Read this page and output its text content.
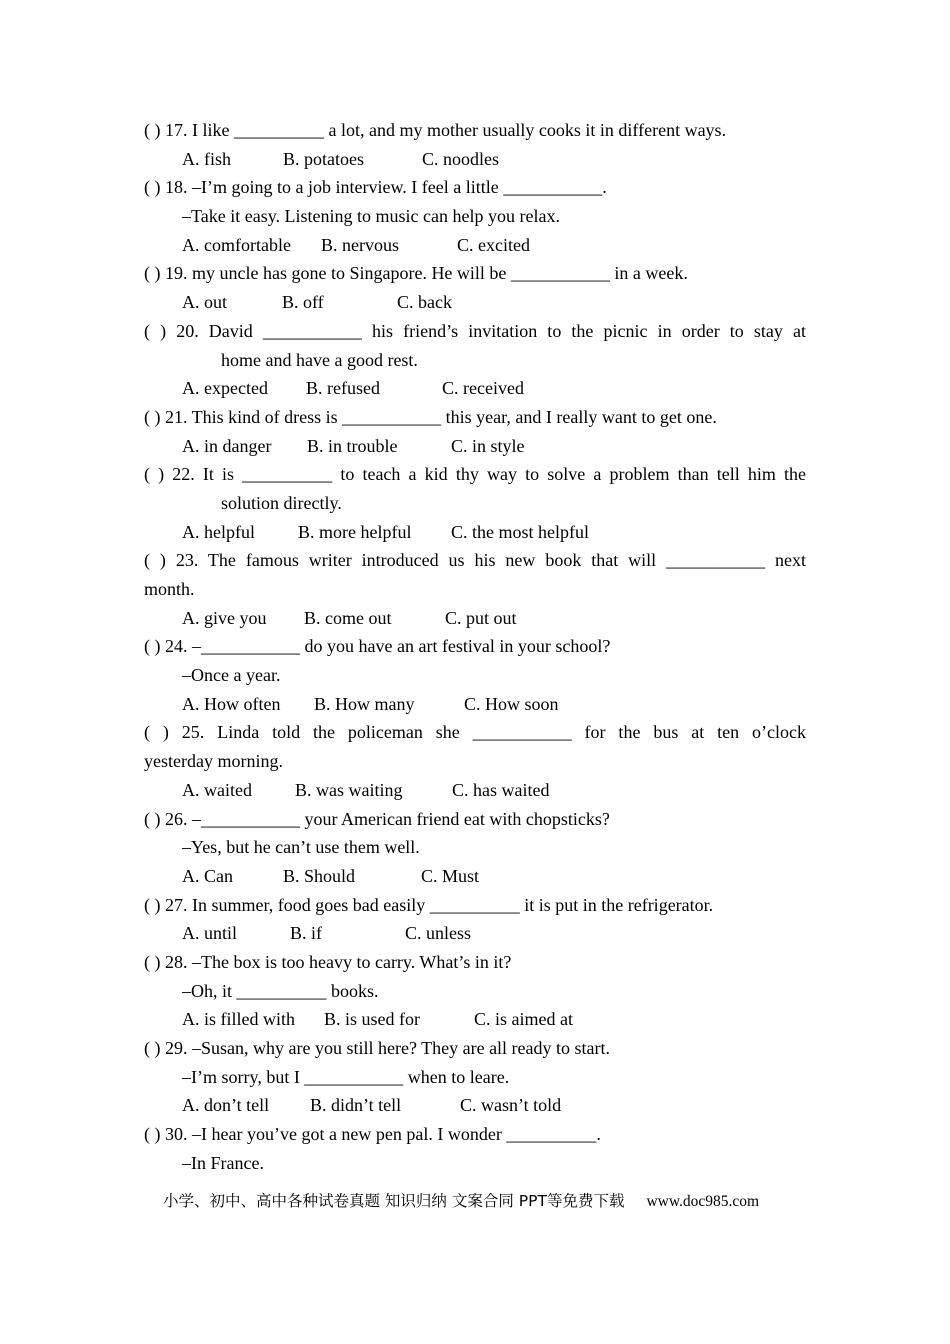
( ) 17. I like __________ a lot, and my mother usually cooks it in different ways.
A. fish	B. potatoes	C. noodles
( ) 18. –I’m going to a job interview. I feel a little ___________.
–Take it easy. Listening to music can help you relax.
A. comfortable B. nervous	C. excited
( ) 19. my uncle has gone to Singapore. He will be ___________ in a week.
A. out	B. off	C. back
( ) 20. David ___________ his friend’s invitation to the picnic in order to stay at
home and have a good rest.
A. expected B. refused	C. received
( ) 21. This kind of dress is ___________ this year, and I really want to get one.
A. in danger B. in trouble	C. in style
( ) 22. It is __________ to teach a kid thy way to solve a problem than tell him the
solution directly.
A. helpful B. more helpful C. the most helpful
( ) 23. The famous writer introduced us his new book that will ___________ next
month.
A. give you B. come out	C. put out
( ) 24. –___________ do you have an art festival in your school?
–Once a year.
A. How often B. How many	C. How soon
( ) 25. Linda told the policeman she ___________ for the bus at ten o’clock
yesterday morning.
A. waited B. was waiting	C. has waited
( ) 26. –___________ your American friend eat with chopsticks?
–Yes, but he can’t use them well.
A. Can	B. Should	C. Must
( ) 27. In summer, food goes bad easily __________ it is put in the refrigerator.
A. until	B. if	C. unless
( ) 28. –The box is too heavy to carry. What’s in it?
–Oh, it __________ books.
A. is filled with B. is used for	C. is aimed at
( ) 29. –Susan, why are you still here? They are all ready to start.
–I’m sorry, but I ___________ when to leare.
A. don’t tell B. didn’t tell	C. wasn’t told
( ) 30. –I hear you’ve got a new pen pal. I wonder __________.
–In France.
小学、初中、高中各种试卷真题 知识归纳 文案合同 PPT等免费下载 www.doc985.com
